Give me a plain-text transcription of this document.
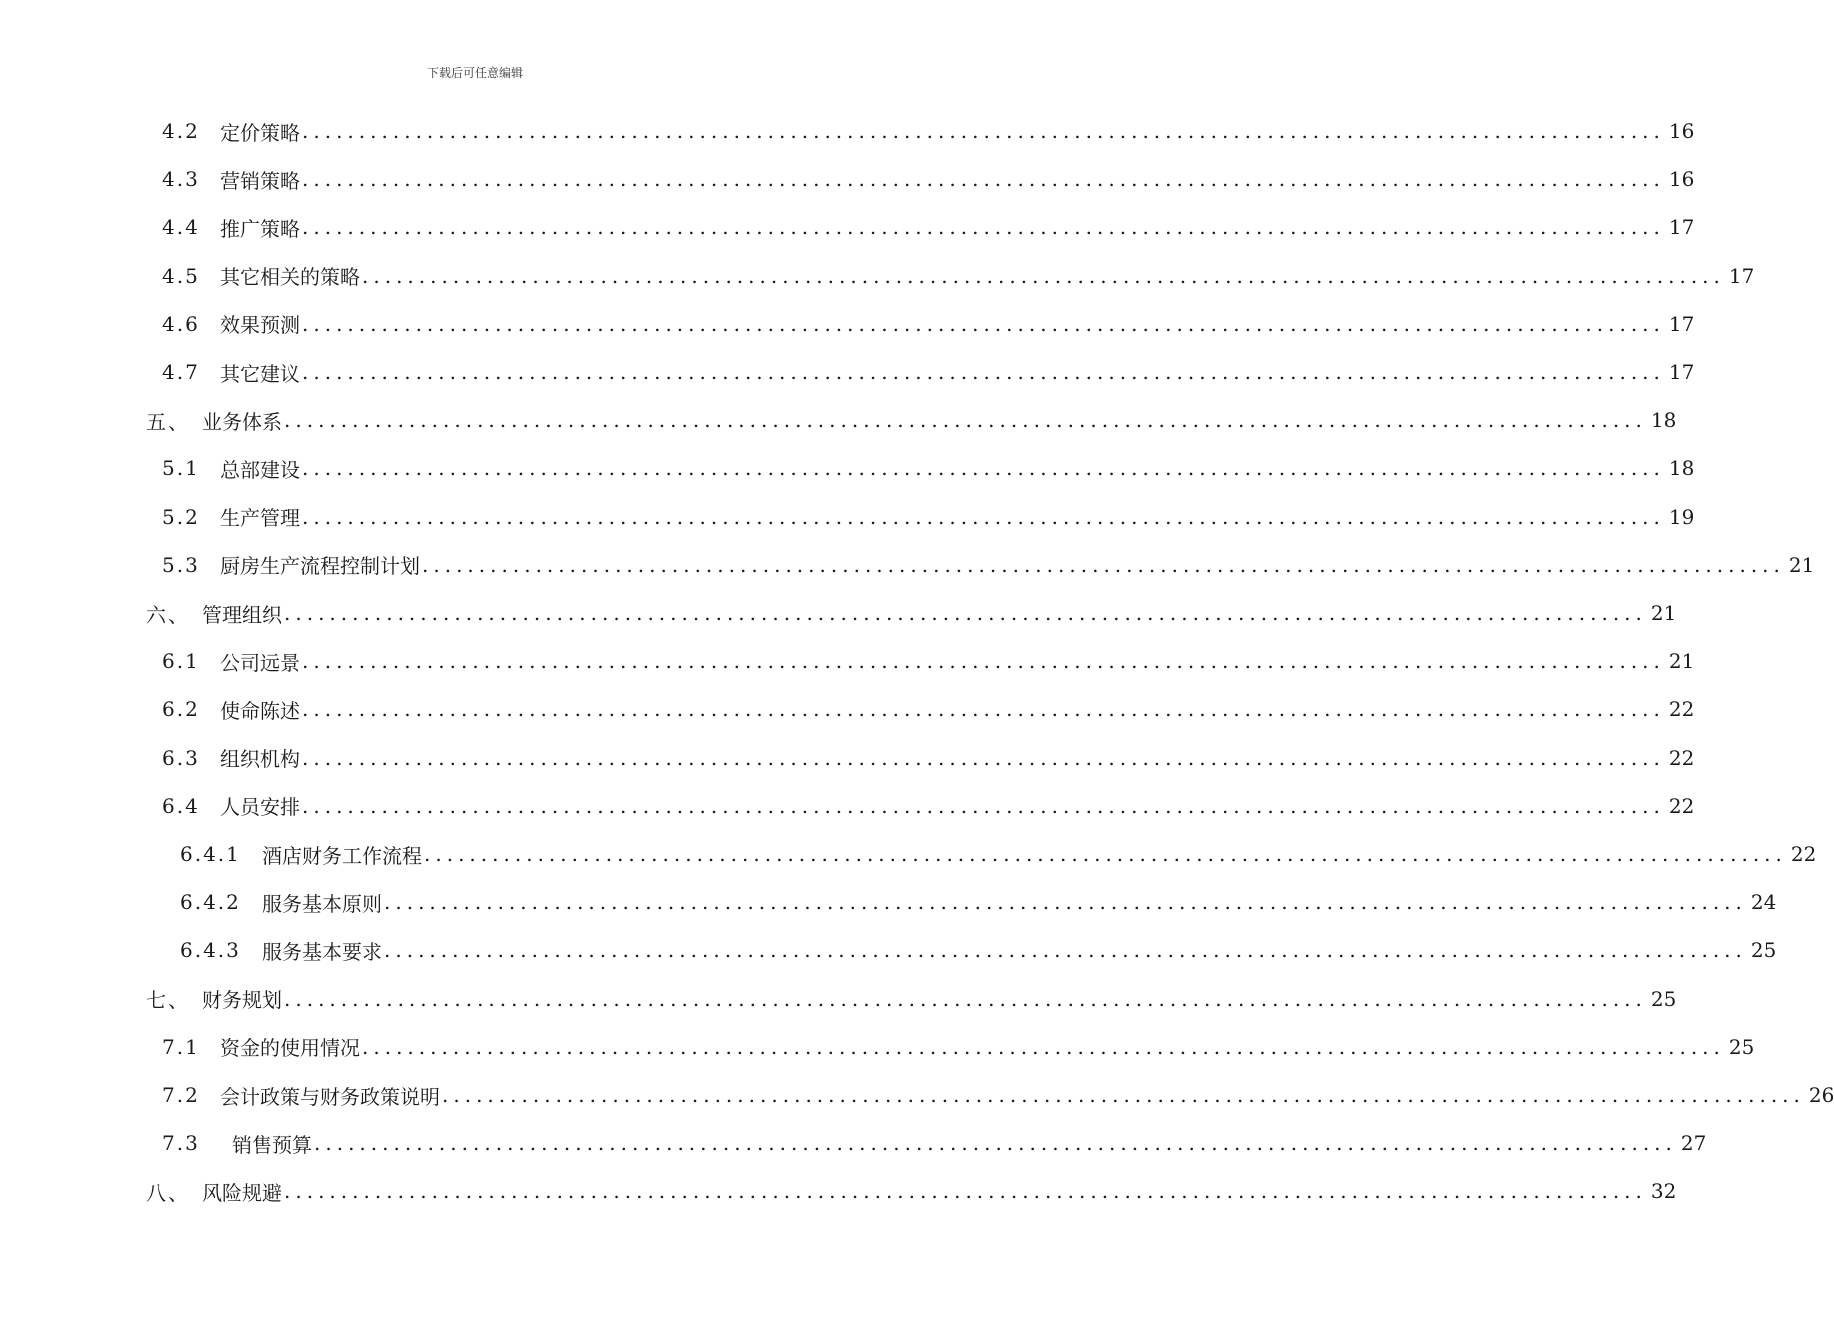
下载后可任意编辑
4.2	定价策略 ........................................................................................................................ 16
4.3	营销策略 ........................................................................................................................ 16
4.4	推广策略 ........................................................................................................................ 17
4.5	其它相关的策略 ........................................................................................................................ 17
4.6	效果预测 ........................................................................................................................ 17
4.7	其它建议 ........................................................................................................................ 17
五、 业务体系 ........................................................................................................................ 18
5.1	总部建设 ........................................................................................................................ 18
5.2	生产管理 ........................................................................................................................ 19
5.3	厨房生产流程控制计划 ........................................................................................................................ 21
六、 管理组织 ........................................................................................................................ 21
6.1	公司远景 ........................................................................................................................ 21
6.2	使命陈述 ........................................................................................................................ 22
6.3	组织机构 ........................................................................................................................ 22
6.4	人员安排 ........................................................................................................................ 22
6.4.1	酒店财务工作流程 ........................................................................................................................ 22
6.4.2	服务基本原则 ........................................................................................................................ 24
6.4.3	服务基本要求 ........................................................................................................................ 25
七、 财务规划 ........................................................................................................................ 25
7.1	资金的使用情况 ........................................................................................................................ 25
7.2	会计政策与财务政策说明 ........................................................................................................................ 26
7.3	销售预算 ........................................................................................................................ 27
八、 风险规避 ........................................................................................................................ 32
